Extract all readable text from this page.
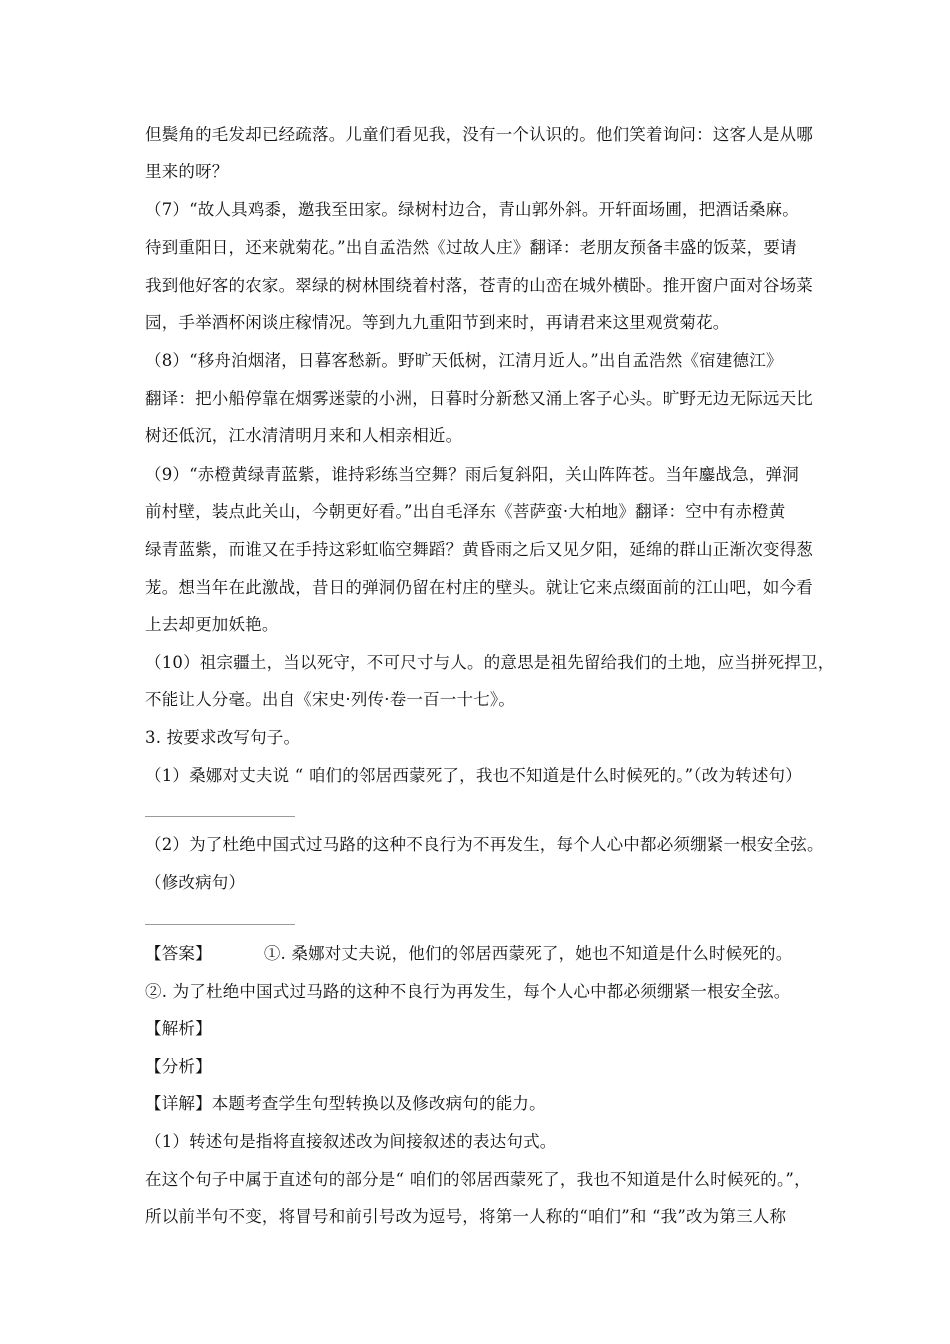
但鬓角的毛发却已经疏落。儿童们看见我，没有一个认识的。他们笑着询问：这客人是从哪
里来的呀？
（7）“故人具鸡黍，邀我至田家。绿树村边合，青山郭外斜。开轩面场圃，把酒话桑麻。
待到重阳日，还来就菊花。”出自孟浩然《过故人庄》翻译：老朋友预备丰盛的饭菜，要请
我到他好客的农家。翠绿的树林围绕着村落，苍青的山峦在城外横卧。推开窗户面对谷场菜
园，手举酒杯闲谈庄稼情况。等到九九重阳节到来时，再请君来这里观赏菊花。
（8）“移舟泊烟渚，日暮客愁新。野旷天低树，江清月近人。”出自孟浩然《宿建德江》
翻译：把小船停靠在烟雾迷蒙的小洲，日暮时分新愁又涌上客子心头。旷野无边无际远天比
树还低沉，江水清清明月来和人相亲相近。
（9）“赤橙黄绿青蓝紫，谁持彩练当空舞？雨后复斜阳，关山阵阵苍。当年鏖战急，弹洞
前村壁，装点此关山，今朝更好看。”出自毛泽东《菩萨蛮·大柏地》翻译：空中有赤橙黄
绿青蓝紫，而谁又在手持这彩虹临空舞蹈？黄昏雨之后又见夕阳，延绵的群山正渐次变得葱
茏。想当年在此激战，昔日的弹洞仍留在村庄的壁头。就让它来点缀面前的江山吧，如今看
上去却更加妖艳。
（10）祖宗疆土，当以死守，不可尺寸与人。的意思是祖先留给我们的土地，应当拼死捍卫，
不能让人分毫。出自《宋史·列传·卷一百一十七》。
3. 按要求改写句子。
（1）桑娜对丈夫说 “ 咱们的邻居西蒙死了，我也不知道是什么时候死的。”（改为转述句）
（2）为了杜绝中国式过马路的这种不良行为不再发生，每个人心中都必须绷紧一根安全弦。
（修改病句）
【答案】	①. 桑娜对丈夫说，他们的邻居西蒙死了，她也不知道是什么时候死的。
②. 为了杜绝中国式过马路的这种不良行为再发生，每个人心中都必须绷紧一根安全弦。
【解析】
【分析】
【详解】本题考查学生句型转换以及修改病句的能力。
（1）转述句是指将直接叙述改为间接叙述的表达句式。
在这个句子中属于直述句的部分是“ 咱们的邻居西蒙死了，我也不知道是什么时候死的。”，
所以前半句不变，将冒号和前引号改为逗号，将第一人称的“咱们”和 “我”改为第三人称
